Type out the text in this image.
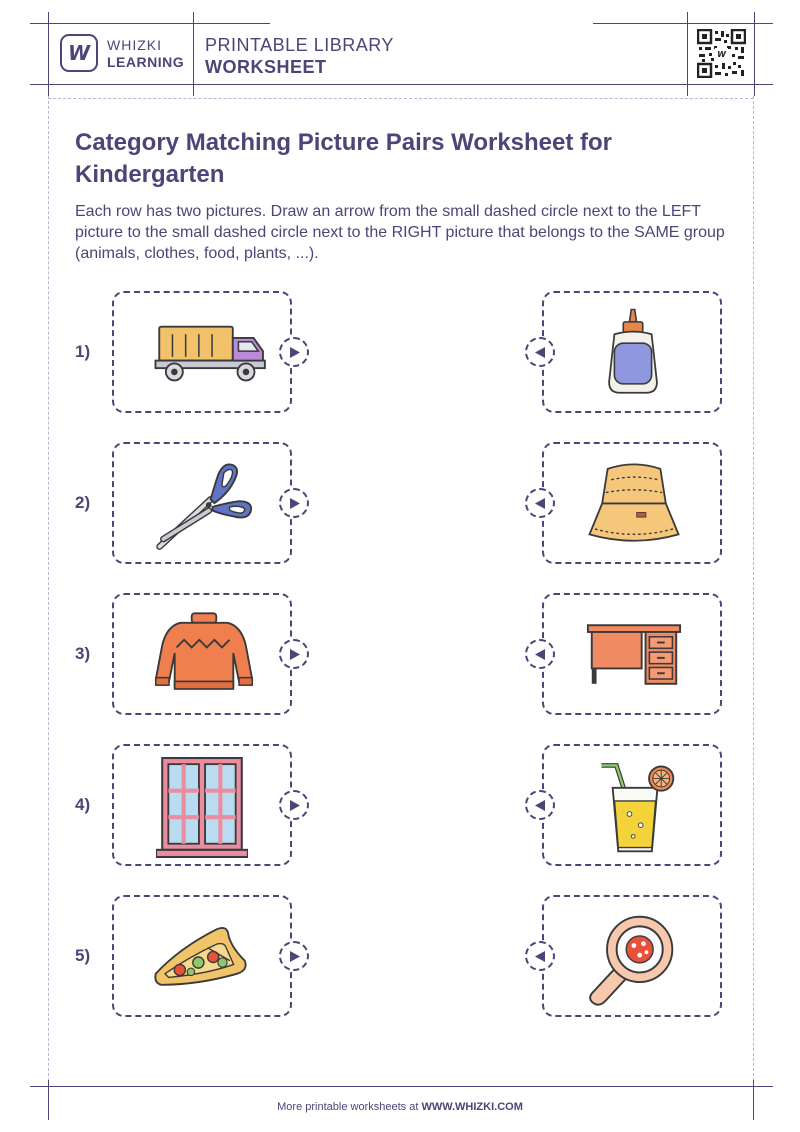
W WHIZKI
LEARNING
PRINTABLE LIBRARY
WORKSHEET
W
Category Matching Picture Pairs Worksheet for Kindergarten
Each row has two pictures. Draw an arrow from the small dashed circle next to the LEFT picture to the small dashed circle next to the RIGHT picture that belongs to the SAME group (animals, clothes, food, plants, ...).
1)
2)
3)
4)
5)
More printable worksheets at WWW.WHIZKI.COM
